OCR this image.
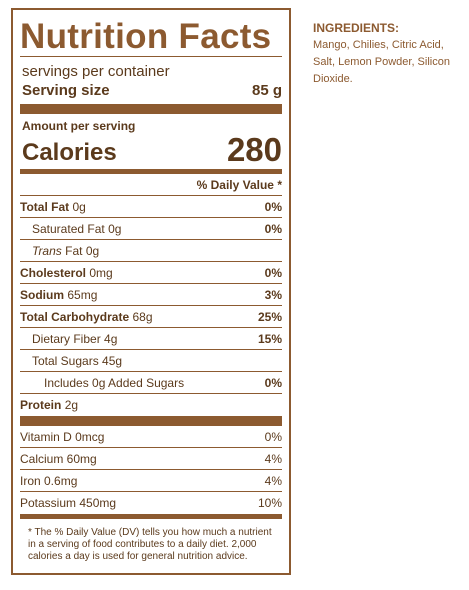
Nutrition Facts
servings per container
Serving size	85 g
Amount per serving
Calories	280
% Daily Value *
Total Fat 0g	0%
Saturated Fat 0g	0%
Trans Fat 0g
Cholesterol 0mg	0%
Sodium 65mg	3%
Total Carbohydrate 68g	25%
Dietary Fiber 4g	15%
Total Sugars 45g
Includes 0g Added Sugars	0%
Protein 2g
Vitamin D 0mcg	0%
Calcium 60mg	4%
Iron 0.6mg	4%
Potassium 450mg	10%
* The % Daily Value (DV) tells you how much a nutrient in a serving of food contributes to a daily diet. 2,000 calories a day is used for general nutrition advice.
INGREDIENTS:
Mango, Chilies, Citric Acid, Salt, Lemon Powder, Silicon Dioxide.
